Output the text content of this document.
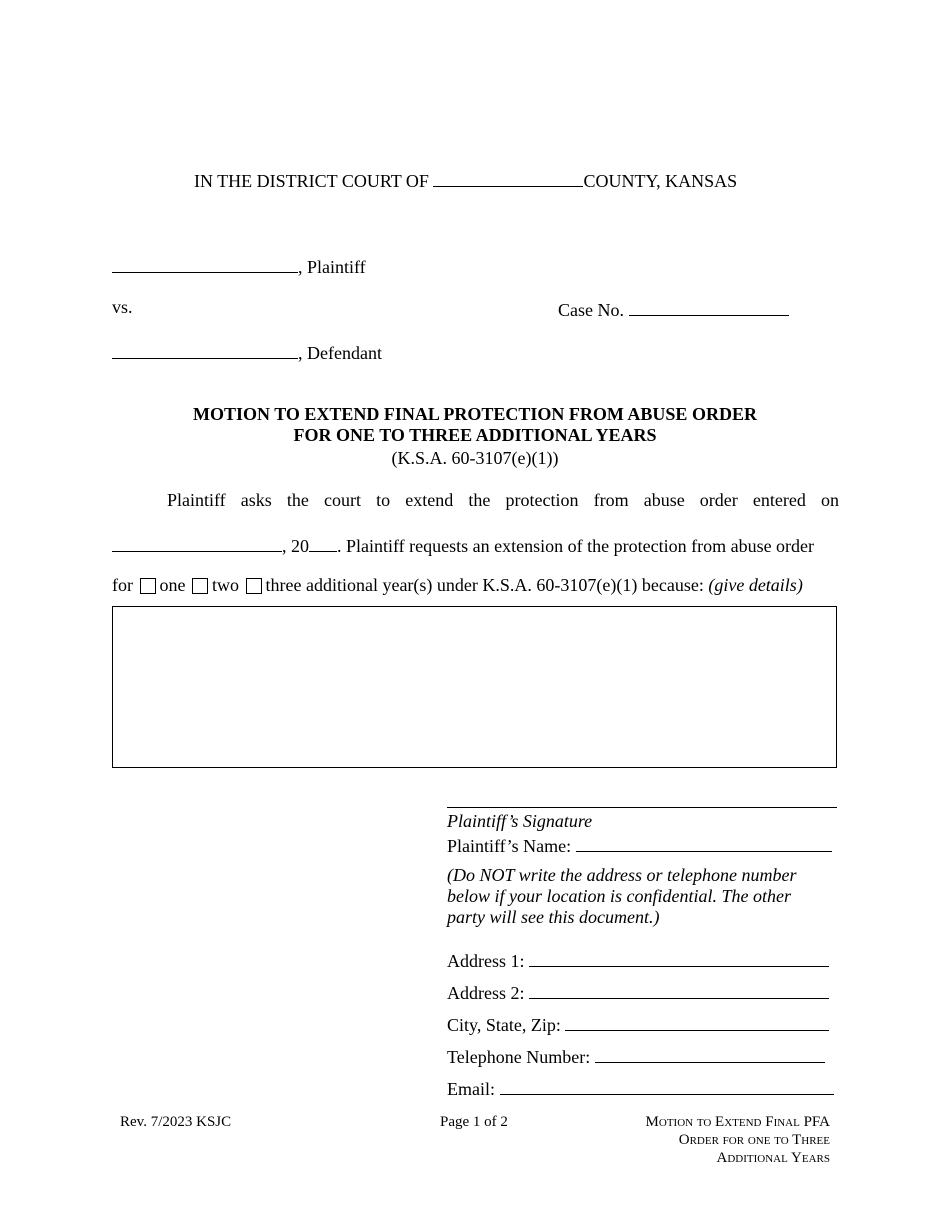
IN THE DISTRICT COURT OF	COUNTY, KANSAS
, Plaintiff
vs.	Case No.
, Defendant
MOTION TO EXTEND FINAL PROTECTION FROM ABUSE ORDER
FOR ONE TO THREE ADDITIONAL YEARS
(K.S.A. 60-3107(e)(1))
Plaintiff asks the court to extend the protection from abuse order entered on
, 20 . Plaintiff requests an extension of the protection from abuse order
for one two three additional year(s) under K.S.A. 60-3107(e)(1) because: (give details)
Plaintiff’s Signature
Plaintiff’s Name:
(Do NOT write the address or telephone number below if your location is confidential. The other party will see this document.)
Address 1:
Address 2:
City, State, Zip:
Telephone Number:
Email:
Rev. 7/2023 KSJC	Page 1 of 2	Motion to Extend Final PFA
Order for one to Three
Additional Years
